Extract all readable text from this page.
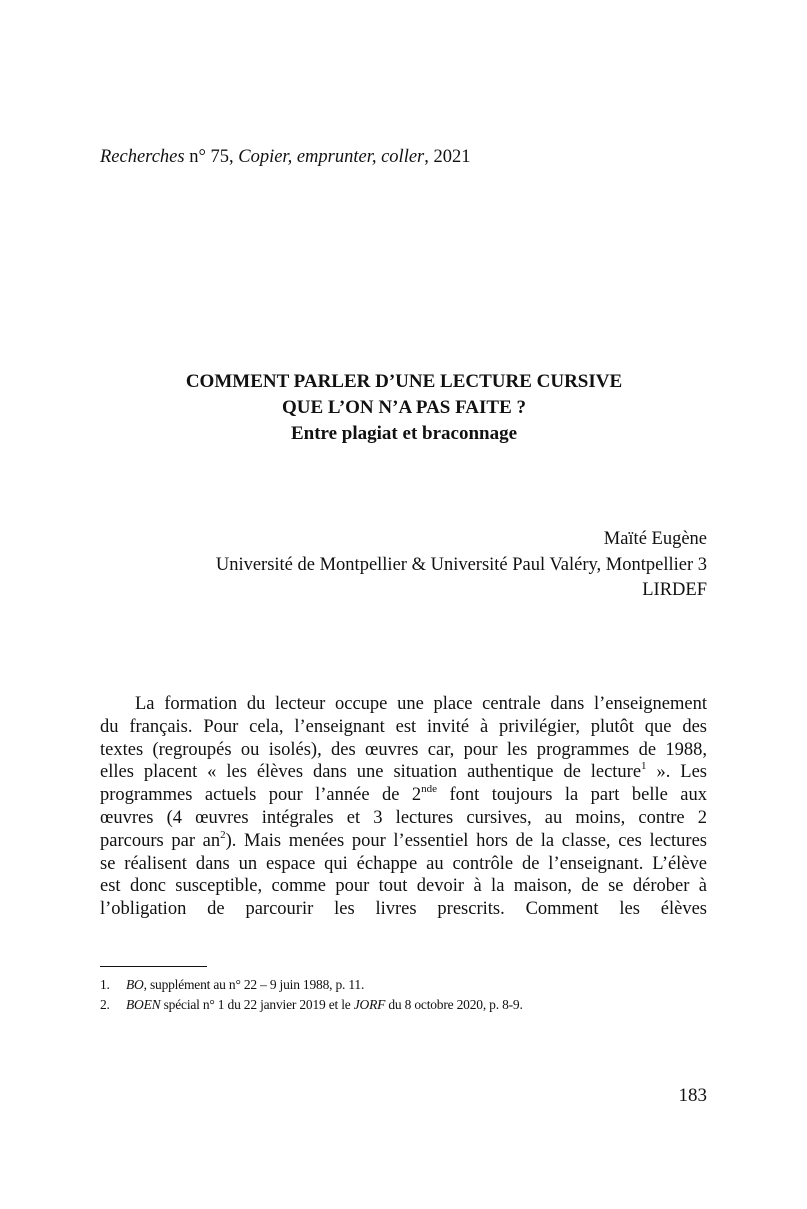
Recherches n° 75, Copier, emprunter, coller, 2021
COMMENT PARLER D’UNE LECTURE CURSIVE
QUE L’ON N’A PAS FAITE ?
Entre plagiat et braconnage
Maïté Eugène
Université de Montpellier & Université Paul Valéry, Montpellier 3
LIRDEF
La formation du lecteur occupe une place centrale dans l’enseignement
du français. Pour cela, l’enseignant est invité à privilégier, plutôt que des
textes (regroupés ou isolés), des œuvres car, pour les programmes de 1988,
elles placent « les élèves dans une situation authentique de lecture$^1$ ». Les
programmes actuels pour l’année de 2nde font toujours la part belle aux
œuvres (4 œuvres intégrales et 3 lectures cursives, au moins, contre 2
parcours par $an^2$). Mais menées pour l’essentiel hors de la classe, ces lectures
se réalisent dans un espace qui échappe au contrôle de l’enseignant. L’élève
est donc susceptible, comme pour tout devoir à la maison, de se dérober à
l’obligation de parcourir les livres prescrits. Comment les élèves
1.	BO, supplément au n° 22 – 9 juin 1988, p. 11.
2.	BOEN spécial n° 1 du 22 janvier 2019 et le JORF du 8 octobre 2020, p. 8-9.
183
